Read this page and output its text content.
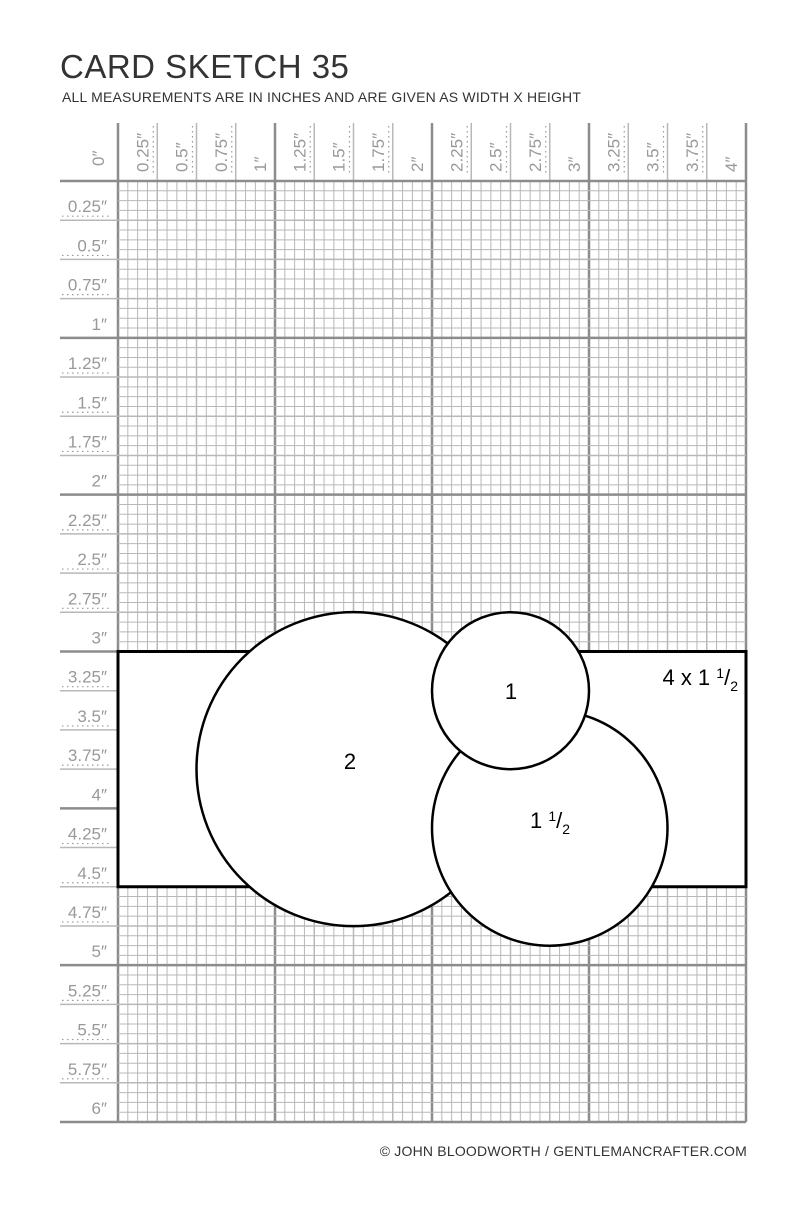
CARD SKETCH 35
ALL MEASUREMENTS ARE IN INCHES AND ARE GIVEN AS WIDTH X HEIGHT
0″ 0.25″ 0.5″ 0.75″ 1″ 1.25″ 1.5″ 1.75″ 2″ 2.25″ 2.5″ 2.75″ 3″ 3.25″ 3.5″ 3.75″ 4″
0.25″
0.5″
0.75″
1″
1.25″
1.5″
1.75″
2″
2.25″
2.5″
2.75″
3″
3.25″
3.5″
3.75″
4″
4.25″
4.5″
4.75″
5″
5.25″
5.5″
5.75″
6″
4 x 1 $^1/_2$
2
1 $^1/_2$
1
© JOHN BLOODWORTH / GENTLEMANCRAFTER.COM
